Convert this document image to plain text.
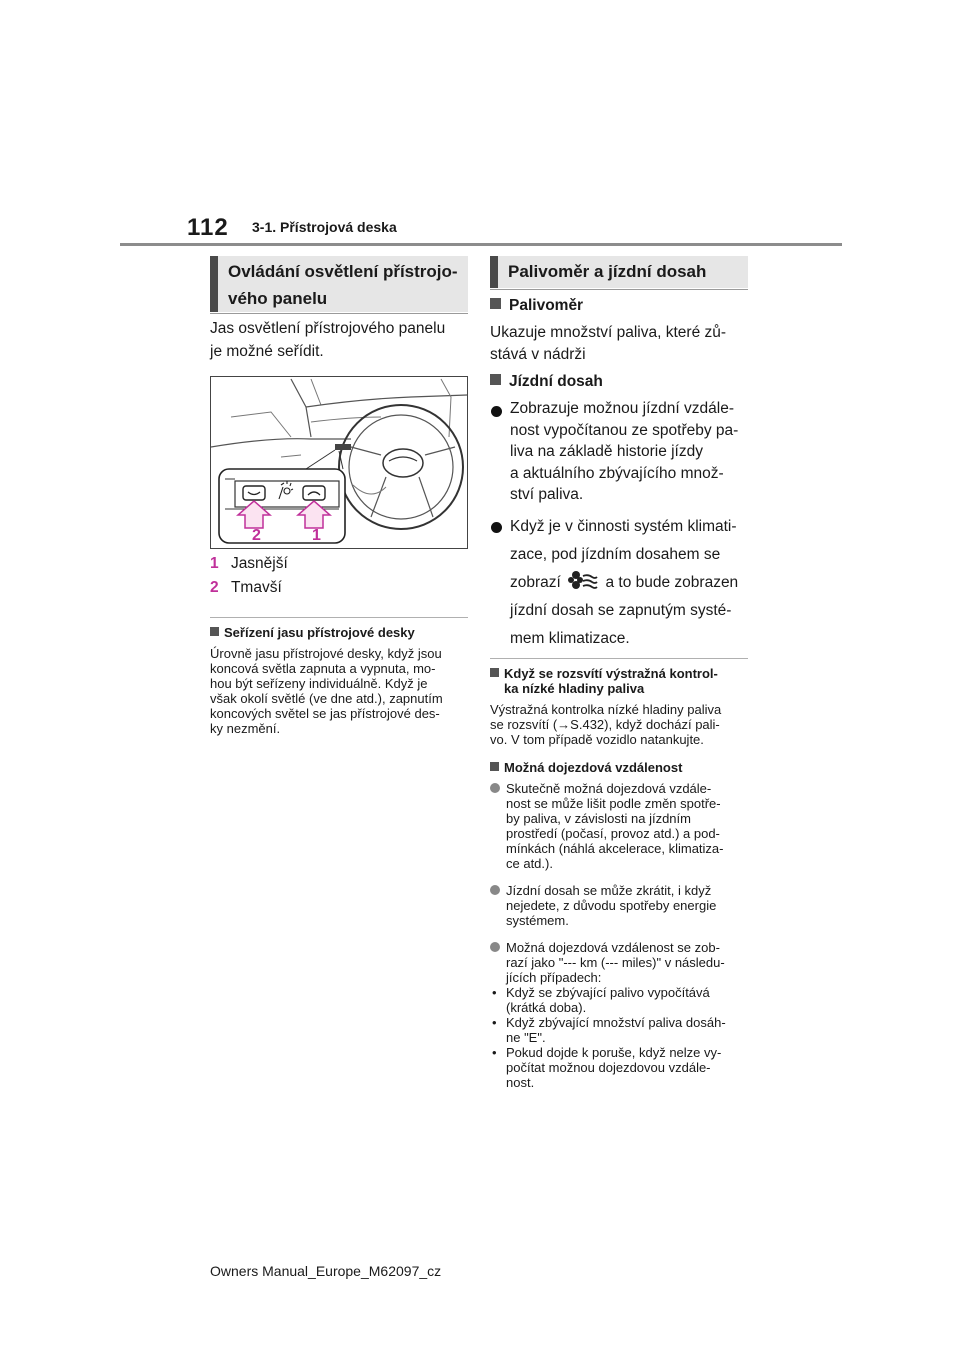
112 3-1. Přístrojová deska
Ovládání osvětlení přístrojo-
vého panelu
Jas osvětlení přístrojového panelu
je možné seřídit.
2	1
1 Jasnější
2 Tmavší
Seřízení jasu přístrojové desky
Úrovně jasu přístrojové desky, když jsou
koncová světla zapnuta a vypnuta, mo-
hou být seřízeny individuálně. Když je
však okolí světlé (ve dne atd.), zapnutím
koncových světel se jas přístrojové des-
ky nezmění.
Palivoměr a jízdní dosah
Palivoměr
Ukazuje množství paliva, které zů-
stává v nádrži
Jízdní dosah
Zobrazuje možnou jízdní vzdále-
nost vypočítanou ze spotřeby pa-
liva na základě historie jízdy
a aktuálního zbývajícího množ-
ství paliva.
Když je v činnosti systém klimati-
zace, pod jízdním dosahem se
zobrazí	a to bude zobrazen
jízdní dosah se zapnutým systé-
mem klimatizace.
Když se rozsvítí výstražná kontrol-
ka nízké hladiny paliva
Výstražná kontrolka nízké hladiny paliva
se rozsvítí (→S.432), když dochází pali-
vo. V tom případě vozidlo natankujte.
Možná dojezdová vzdálenost
Skutečně možná dojezdová vzdále-
nost se může lišit podle změn spotře-
by paliva, v závislosti na jízdním
prostředí (počasí, provoz atd.) a pod-
mínkách (náhlá akcelerace, klimatiza-
ce atd.).
Jízdní dosah se může zkrátit, i když
nejedete, z důvodu spotřeby energie
systémem.
Možná dojezdová vzdálenost se zob-
razí jako "--- km (--- miles)" v následu-
jících případech:
• Když se zbývající palivo vypočítává
(krátká doba).
• Když zbývající množství paliva dosáh-
ne "E".
• Pokud dojde k poruše, když nelze vy-
počítat možnou dojezdovou vzdále-
nost.
Owners Manual_Europe_M62097_cz
